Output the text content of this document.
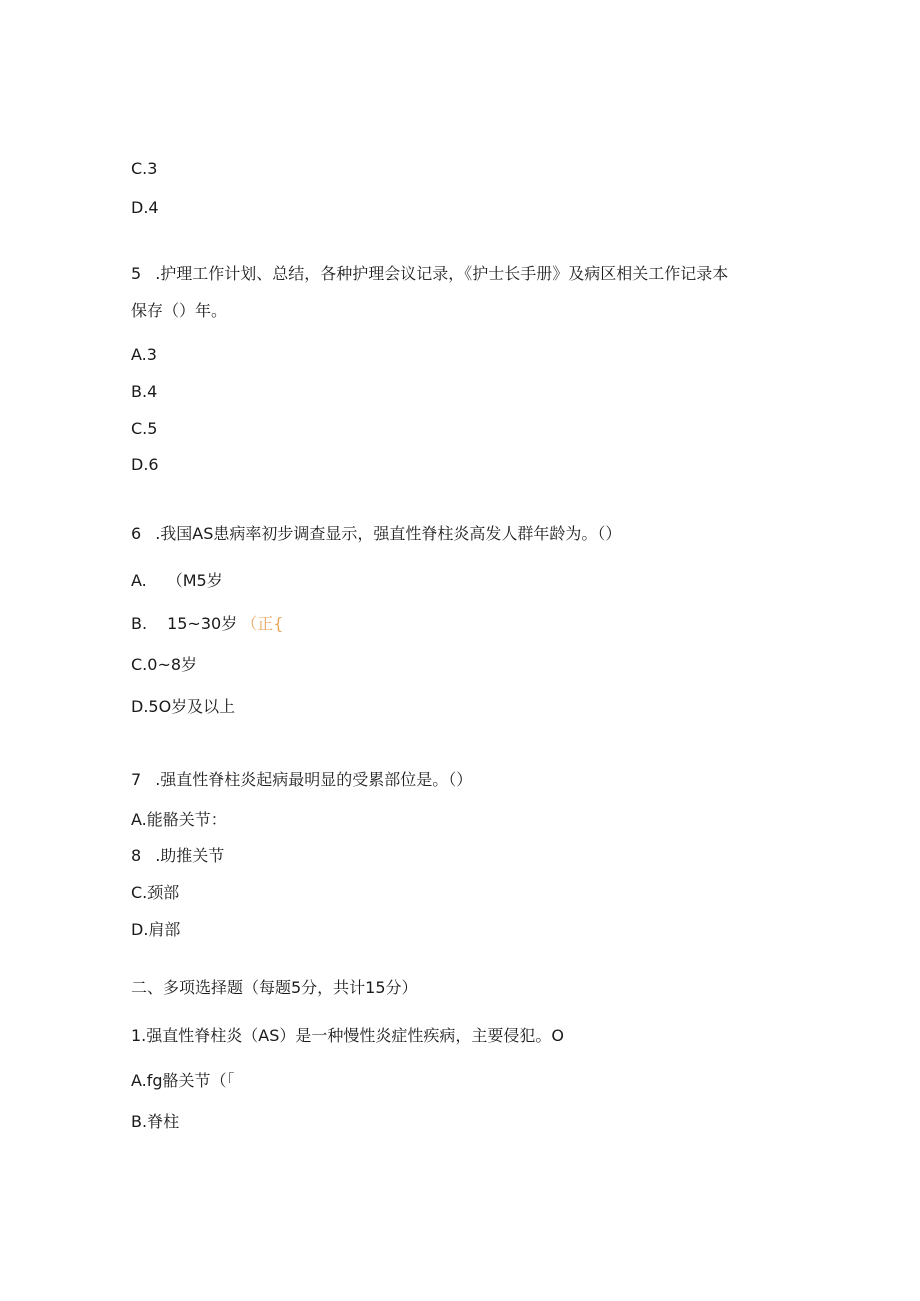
C.3
D.4
5 .护理工作计划、总结，各种护理会议记录，《护士长手册》及病区相关工作记录本
保存（）年。
A.3
B.4
C.5
D.6
6 .我国AS患病率初步调查显示，强直性脊柱炎高发人群年龄为。（）
A. （M5岁
B. 15~30岁 （正{
C.0~8岁
D.5O岁及以上
7 .强直性脊柱炎起病最明显的受累部位是。（）
A.能骼关节：
8 .助推关节
C.颈部
D.肩部
二、多项选择题（每题5分，共计15分）
1.强直性脊柱炎（AS）是一种慢性炎症性疾病，主要侵犯。O
A.fg骼关节（「
B.脊柱
